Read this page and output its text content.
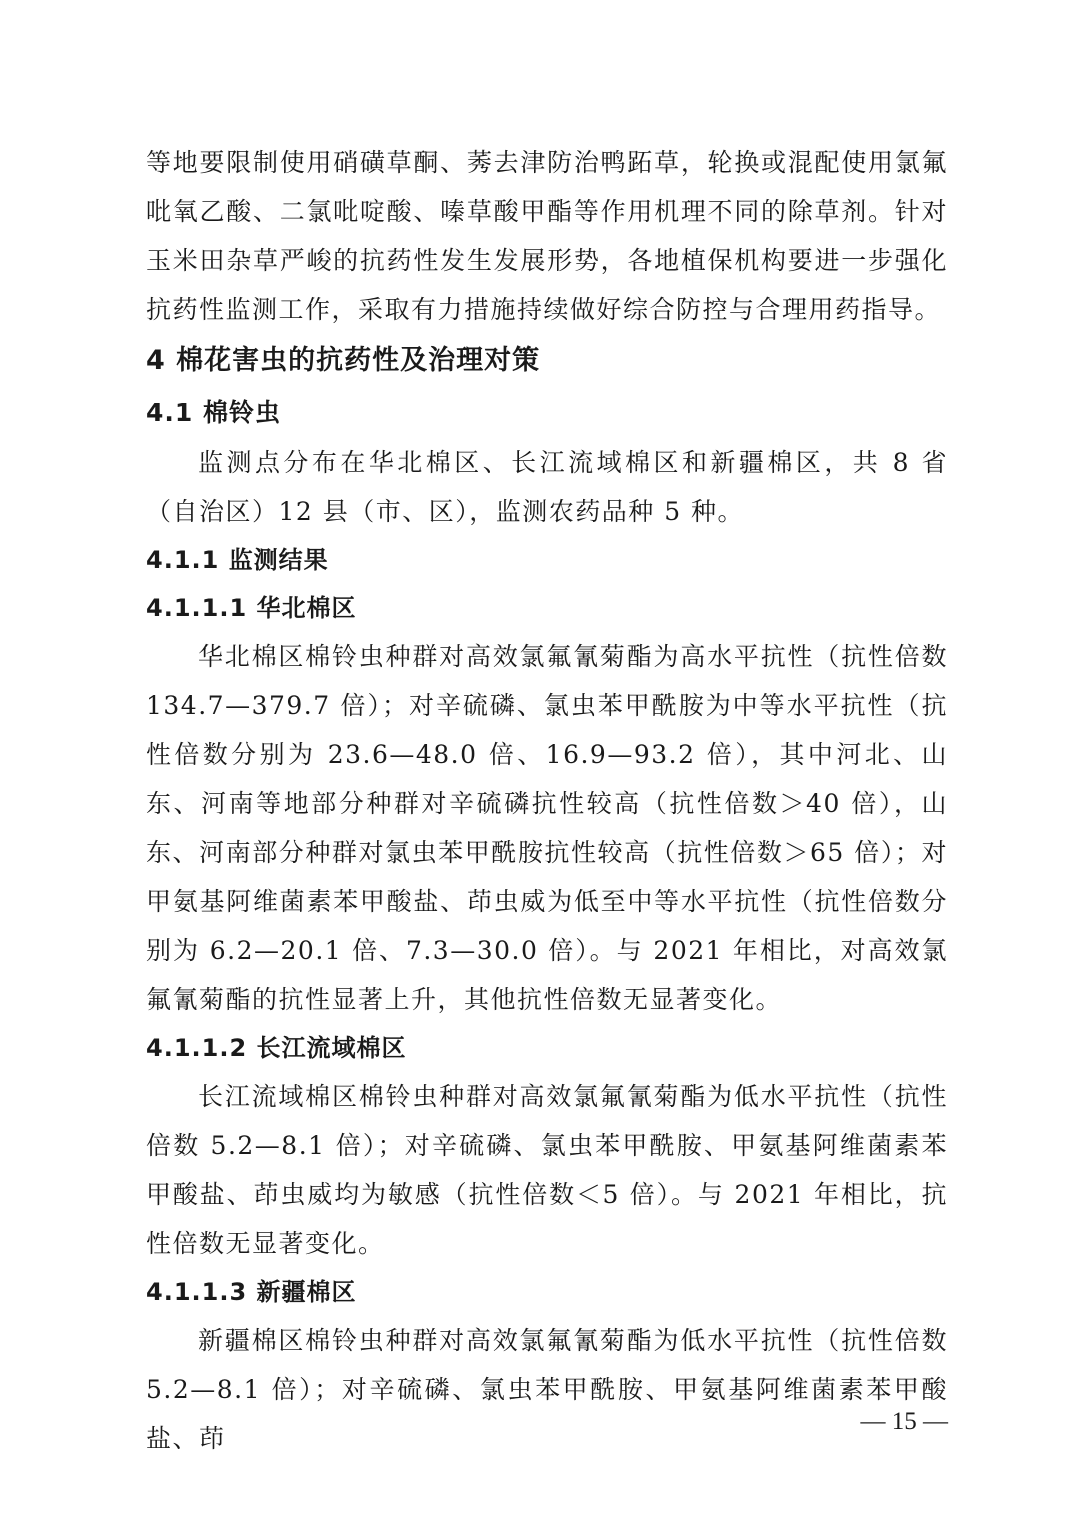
等地要限制使用硝磺草酮、莠去津防治鸭跖草，轮换或混配使用氯氟吡氧乙酸、二氯吡啶酸、嗪草酸甲酯等作用机理不同的除草剂。针对玉米田杂草严峻的抗药性发生发展形势，各地植保机构要进一步强化抗药性监测工作，采取有力措施持续做好综合防控与合理用药指导。

4 棉花害虫的抗药性及治理对策
4.1 棉铃虫

监测点分布在华北棉区、长江流域棉区和新疆棉区，共 8 省（自治区）12 县（市、区），监测农药品种 5 种。

4.1.1 监测结果
4.1.1.1 华北棉区

华北棉区棉铃虫种群对高效氯氟氰菊酯为高水平抗性（抗性倍数 134.7—379.7 倍）；对辛硫磷、氯虫苯甲酰胺为中等水平抗性（抗性倍数分别为 23.6—48.0 倍、16.9—93.2 倍），其中河北、山东、河南等地部分种群对辛硫磷抗性较高（抗性倍数＞40 倍），山东、河南部分种群对氯虫苯甲酰胺抗性较高（抗性倍数＞65 倍）；对甲氨基阿维菌素苯甲酸盐、茚虫威为低至中等水平抗性（抗性倍数分别为 6.2—20.1 倍、7.3—30.0 倍）。与 2021 年相比，对高效氯氟氰菊酯的抗性显著上升，其他抗性倍数无显著变化。

4.1.1.2 长江流域棉区

长江流域棉区棉铃虫种群对高效氯氟氰菊酯为低水平抗性（抗性倍数 5.2—8.1 倍）；对辛硫磷、氯虫苯甲酰胺、甲氨基阿维菌素苯甲酸盐、茚虫威均为敏感（抗性倍数＜5 倍）。与 2021 年相比，抗性倍数无显著变化。

4.1.1.3 新疆棉区

新疆棉区棉铃虫种群对高效氯氟氰菊酯为低水平抗性（抗性倍数 5.2—8.1 倍）；对辛硫磷、氯虫苯甲酰胺、甲氨基阿维菌素苯甲酸盐、茚

— 15 —
